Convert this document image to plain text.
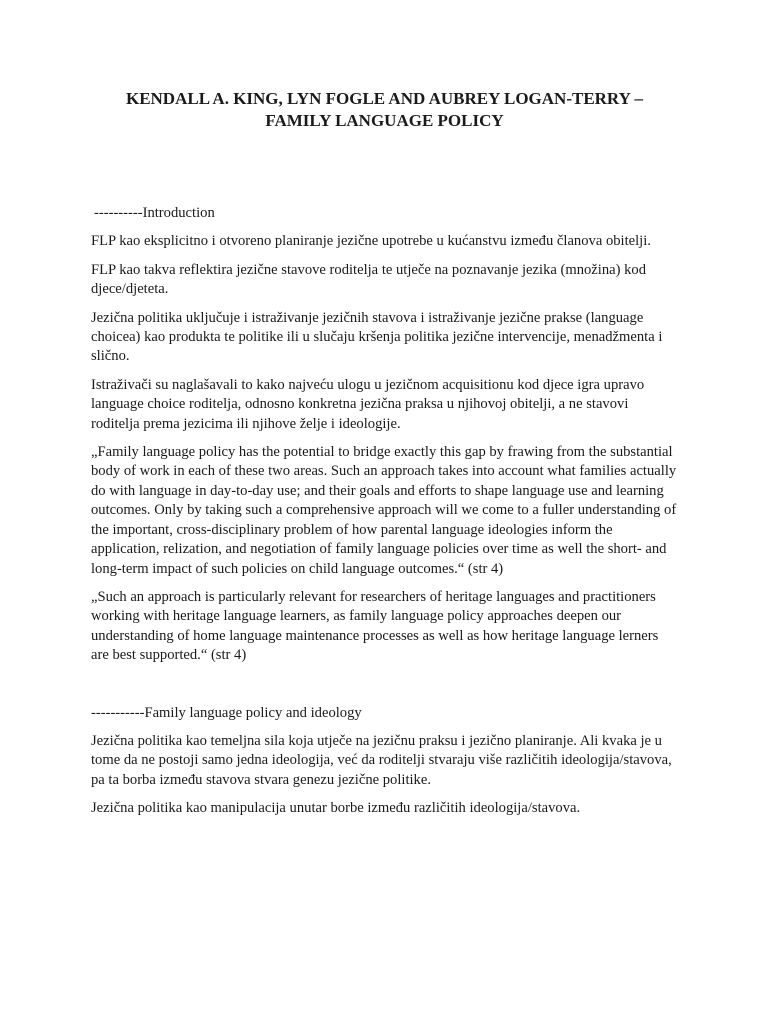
KENDALL A. KING, LYN FOGLE AND AUBREY LOGAN-TERRY –
FAMILY LANGUAGE POLICY

----------Introduction

FLP kao eksplicitno i otvoreno planiranje jezične upotrebe u kućanstvu između članova obitelji.

FLP kao takva reflektira jezične stavove roditelja te utječe na poznavanje jezika (množina) kod djece/djeteta.

Jezična politika uključuje i istraživanje jezičnih stavova i istraživanje jezične prakse (language choicea) kao produkta te politike ili u slučaju kršenja politika jezične intervencije, menadžmenta i slično.

Istraživači su naglašavali to kako najveću ulogu u jezičnom acquisitionu kod djece igra upravo language choice roditelja, odnosno konkretna jezična praksa u njihovoj obitelji, a ne stavovi roditelja prema jezicima ili njihove želje i ideologije.

„Family language policy has the potential to bridge exactly this gap by frawing from the substantial body of work in each of these two areas. Such an approach takes into account what families actually do with language in day-to-day use; and their goals and efforts to shape language use and learning outcomes. Only by taking such a comprehensive approach will we come to a fuller understanding of the important, cross-disciplinary problem of how parental language ideologies inform the application, relization, and negotiation of family language policies over time as well the short- and long-term impact of such policies on child language outcomes.“ (str 4)

„Such an approach is particularly relevant for researchers of heritage languages and practitioners working with heritage language learners, as family language policy approaches deepen our understanding of home language maintenance processes as well as how heritage language lerners are best supported.“ (str 4)

-----------Family language policy and ideology

Jezična politika kao temeljna sila koja utječe na jezičnu praksu i jezično planiranje. Ali kvaka je u tome da ne postoji samo jedna ideologija, već da roditelji stvaraju više različitih ideologija/stavova, pa ta borba između stavova stvara genezu jezične politike.

Jezična politika kao manipulacija unutar borbe između različitih ideologija/stavova.
